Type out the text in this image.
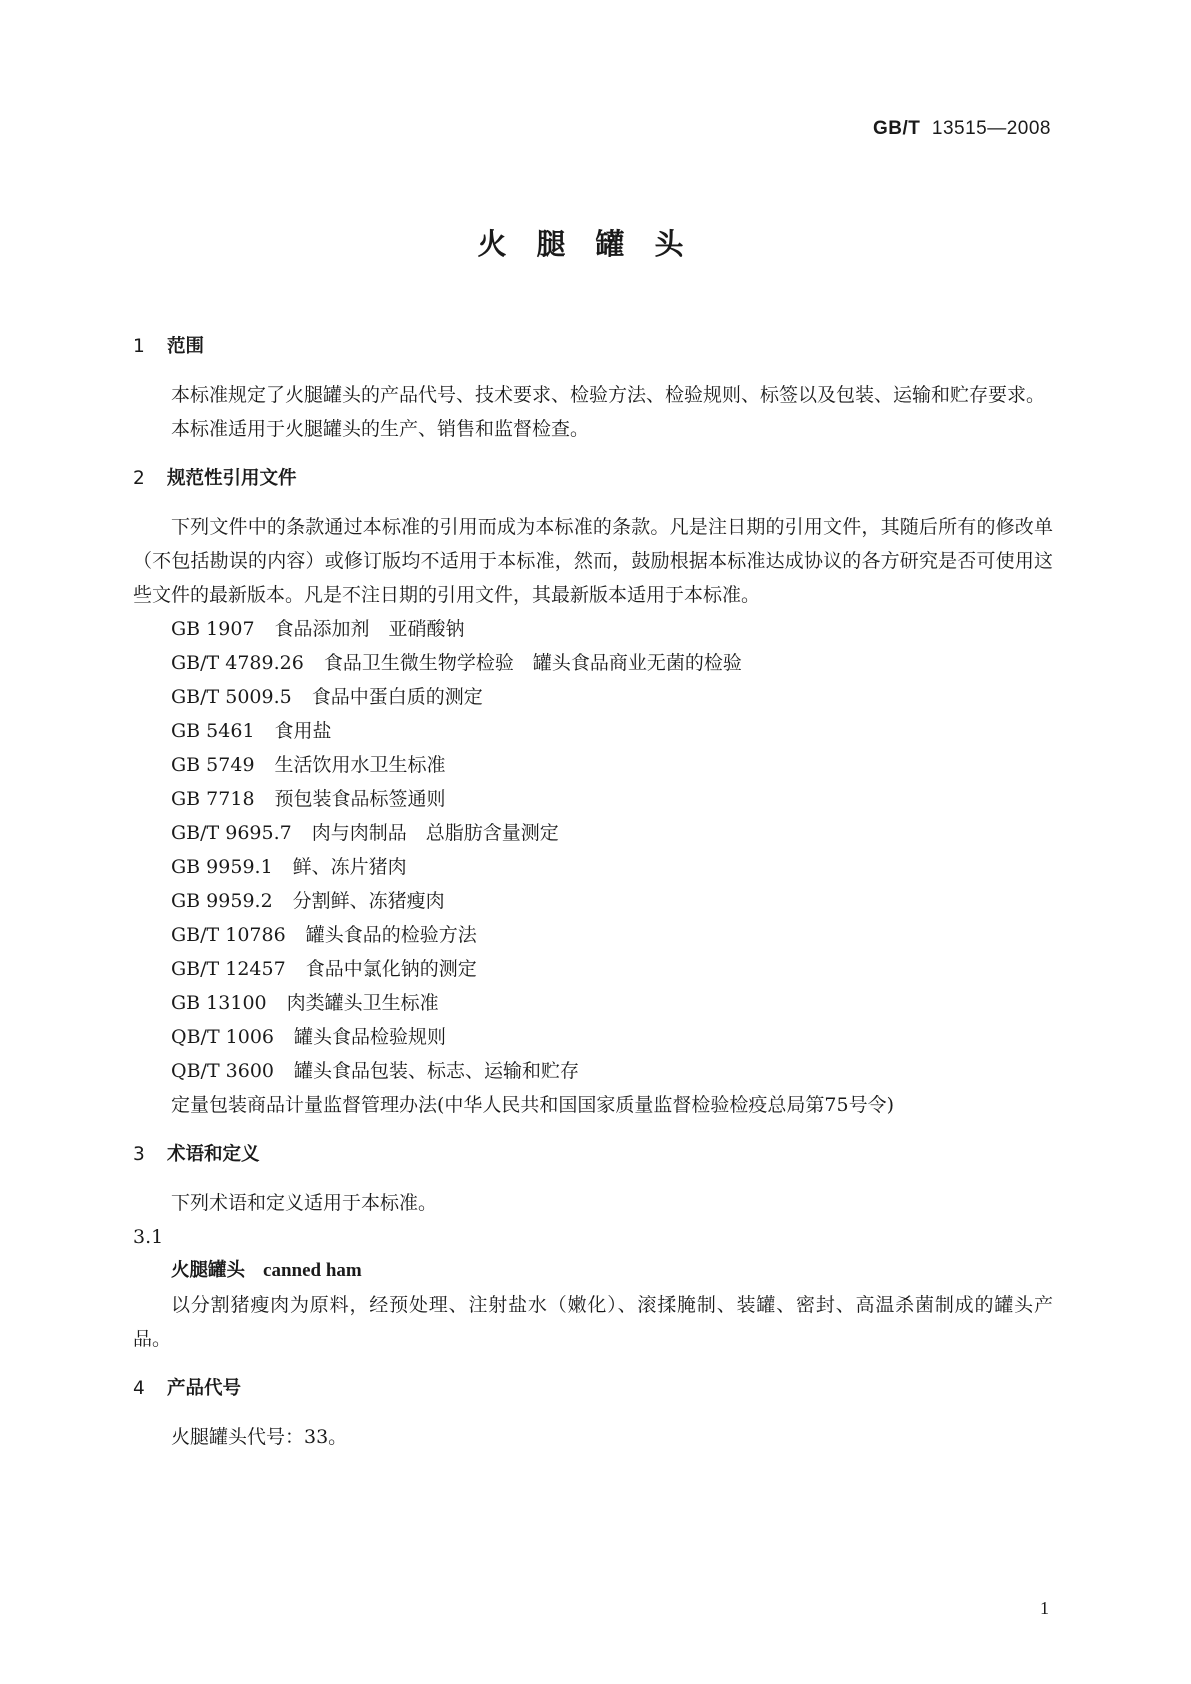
GB/T 13515—2008
火腿罐头
1	范围

本标准规定了火腿罐头的产品代号、技术要求、检验方法、检验规则、标签以及包装、运输和贮存要求。

本标准适用于火腿罐头的生产、销售和监督检查。

2	规范性引用文件

下列文件中的条款通过本标准的引用而成为本标准的条款。凡是注日期的引用文件，其随后所有的修改单（不包括勘误的内容）或修订版均不适用于本标准，然而，鼓励根据本标准达成协议的各方研究是否可使用这些文件的最新版本。凡是不注日期的引用文件，其最新版本适用于本标准。

GB 1907 食品添加剂　亚硝酸钠
GB/T 4789.26 食品卫生微生物学检验　罐头食品商业无菌的检验
GB/T 5009.5 食品中蛋白质的测定
GB 5461 食用盐
GB 5749 生活饮用水卫生标准
GB 7718 预包装食品标签通则
GB/T 9695.7 肉与肉制品　总脂肪含量测定
GB 9959.1 鲜、冻片猪肉
GB 9959.2 分割鲜、冻猪瘦肉
GB/T 10786 罐头食品的检验方法
GB/T 12457 食品中氯化钠的测定
GB 13100 肉类罐头卫生标准
QB/T 1006 罐头食品检验规则
QB/T 3600 罐头食品包装、标志、运输和贮存
定量包装商品计量监督管理办法(中华人民共和国国家质量监督检验检疫总局第75号令)
3	术语和定义
下列术语和定义适用于本标准。
3.1
火腿罐头 canned ham

以分割猪瘦肉为原料，经预处理、注射盐水（嫩化）、滚揉腌制、装罐、密封、高温杀菌制成的罐头产品。

4	产品代号
火腿罐头代号：33。
1
